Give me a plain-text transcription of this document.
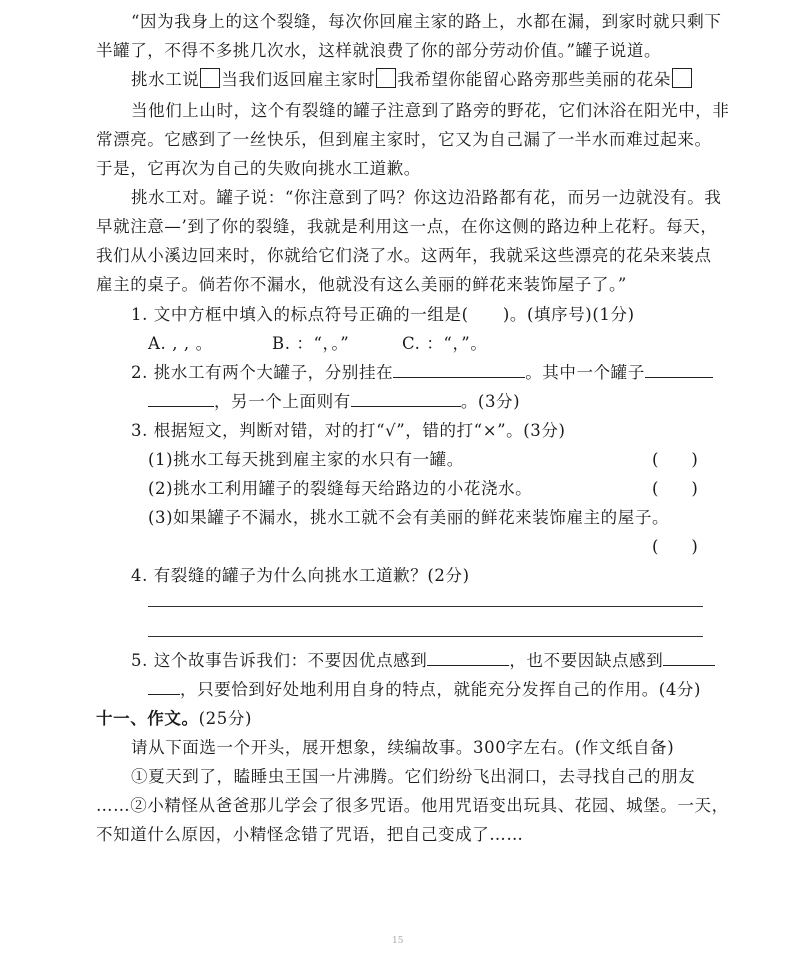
“因为我身上的这个裂缝，每次你回雇主家的路上，水都在漏，到家时就只剩下
半罐了，不得不多挑几次水，这样就浪费了你的部分劳动价值。”罐子说道。
挑水工说 当我们返回雇主家时 我希望你能留心路旁那些美丽的花朵
当他们上山时，这个有裂缝的罐子注意到了路旁的野花，它们沐浴在阳光中，非
常漂亮。它感到了一丝快乐，但到雇主家时，它又为自己漏了一半水而难过起来。
于是，它再次为自己的失败向挑水工道歉。
挑水工对。罐子说：“你注意到了吗？你这边沿路都有花，而另一边就没有。我
早就注意—’到了你的裂缝，我就是利用这一点，在你这侧的路边种上花籽。每天，
我们从小溪边回来时，你就给它们浇了水。这两年，我就采这些漂亮的花朵来装点
雇主的桌子。倘若你不漏水，他就没有这么美丽的鲜花来装饰屋子了。”
1. 文中方框中填入的标点符号正确的一组是(　　)。(填序号)(1分)
A. , , 。	B. ：“，。”	C. ：“，”。
2. 挑水工有两个大罐子，分别挂在	。其中一个罐子
，另一个上面则有	。(3分)
3. 根据短文，判断对错，对的打“√”，错的打“×”。(3分)
(1)挑水工每天挑到雇主家的水只有一罐。	(　　)
(2)挑水工利用罐子的裂缝每天给路边的小花浇水。	(　　)
(3)如果罐子不漏水，挑水工就不会有美丽的鲜花来装饰雇主的屋子。
(　　)
4. 有裂缝的罐子为什么向挑水工道歉？(2分)
5. 这个故事告诉我们：不要因优点感到	，也不要因缺点感到
，只要恰到好处地利用自身的特点，就能充分发挥自己的作用。(4分)
十一、作文。(25分)
请从下面选一个开头，展开想象，续编故事。300字左右。(作文纸自备)
①夏天到了，瞌睡虫王国一片沸腾。它们纷纷飞出洞口，去寻找自己的朋友
……②小精怪从爸爸那儿学会了很多咒语。他用咒语变出玩具、花园、城堡。一天，
不知道什么原因，小精怪念错了咒语，把自己变成了……
15
